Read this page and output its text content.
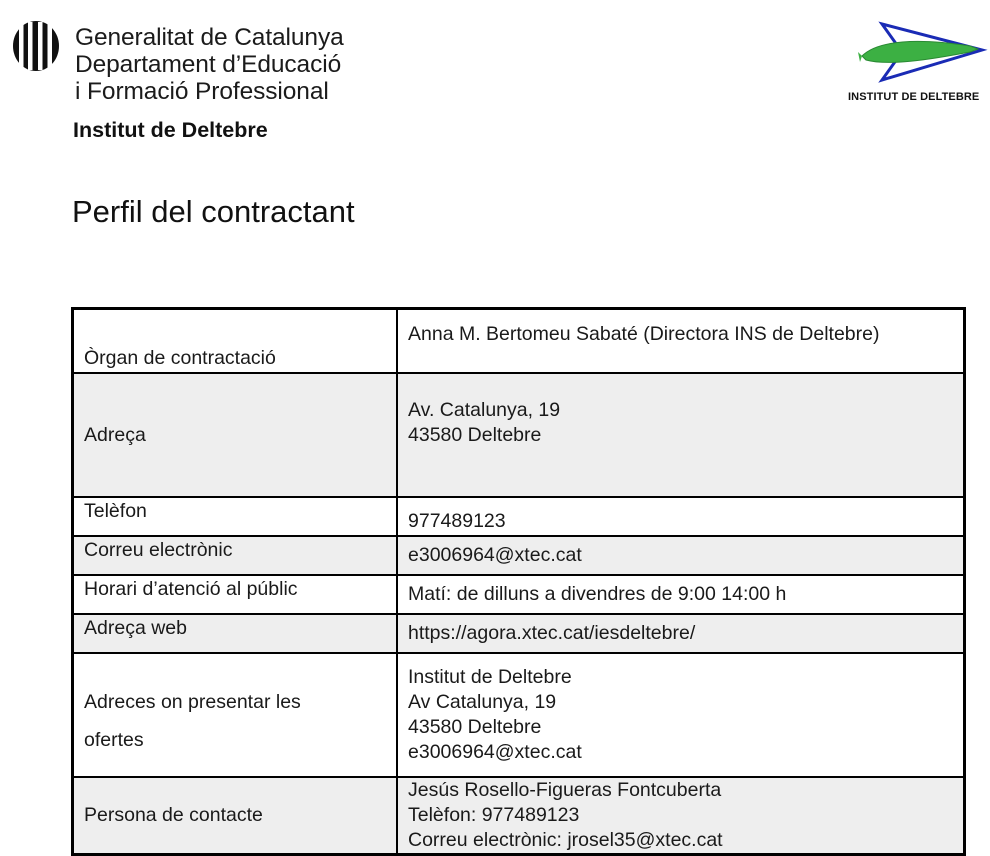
Generalitat de Catalunya
Departament d’Educació
i Formació Professional
Institut de Deltebre
INSTITUT DE DELTEBRE
Perfil del contractant
Òrgan de contractació	Anna M. Bertomeu Sabaté (Directora INS de Deltebre)

Adreça	Av. Catalunya, 19
43580 Deltebre

Telèfon	977489123

Correu electrònic	e3006964@xtec.cat

Horari d’atenció al públic	Matí: de dilluns a divendres de 9:00 14:00 h

Adreça web	https://agora.xtec.cat/iesdeltebre/

Adreces on presentar les
ofertes	Institut de Deltebre
Av Catalunya, 19
43580 Deltebre
e3006964@xtec.cat

Persona de contacte	Jesús Rosello-Figueras Fontcuberta
Telèfon: 977489123
Correu electrònic: jrosel35@xtec.cat
